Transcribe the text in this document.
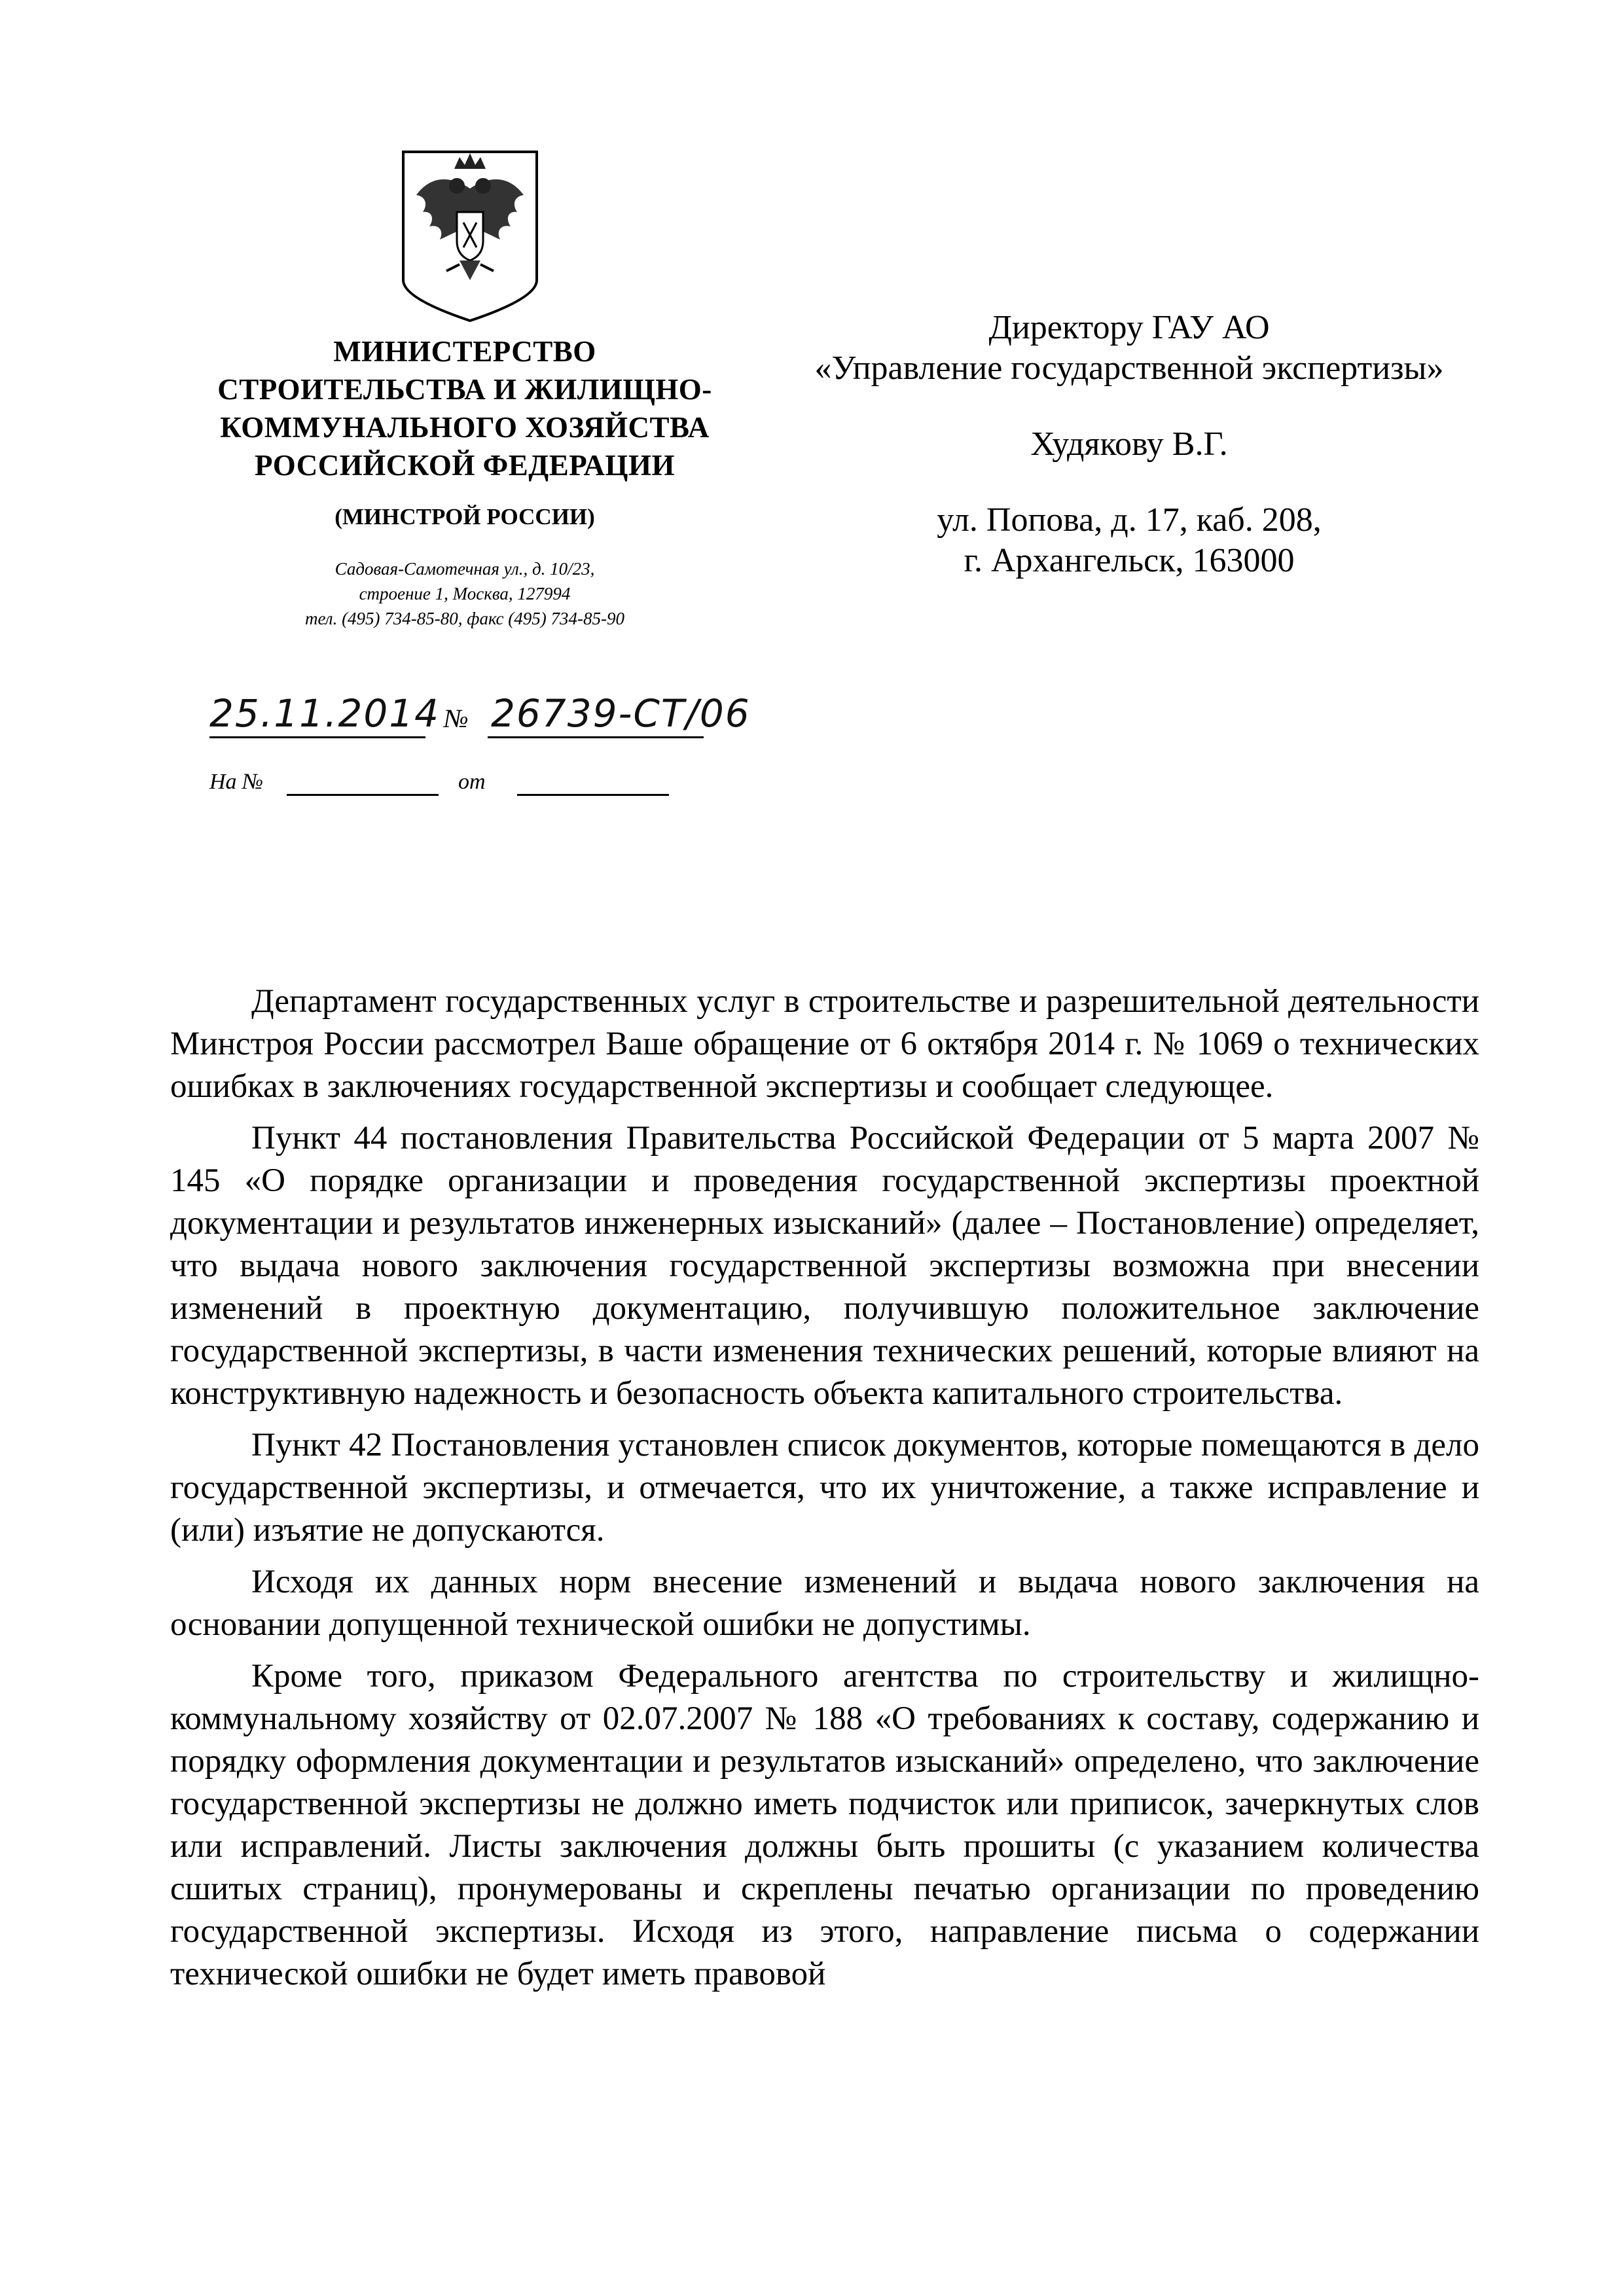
МИНИСТЕРСТВО
СТРОИТЕЛЬСТВА И ЖИЛИЩНО-
КОММУНАЛЬНОГО ХОЗЯЙСТВА
РОССИЙСКОЙ ФЕДЕРАЦИИ
(МИНСТРОЙ РОССИИ)
Садовая-Самотечная ул., д. 10/23,
строение 1, Москва, 127994
тел. (495) 734-85-80, факс (495) 734-85-90
25.11.2014 № 26739-СТ/06
На №	от
Директору ГАУ АО
«Управление государственной экспертизы»
Худякову В.Г.
ул. Попова, д. 17, каб. 208,
г. Архангельск, 163000

Департамент государственных услуг в строительстве и разрешительной деятельности Минстроя России рассмотрел Ваше обращение от 6 октября 2014 г. № 1069 о технических ошибках в заключениях государственной экспертизы и сообщает следующее.

Пункт 44 постановления Правительства Российской Федерации от 5 марта 2007 № 145 «О порядке организации и проведения государственной экспертизы проектной документации и результатов инженерных изысканий» (далее – Постановление) определяет, что выдача нового заключения государственной экспертизы возможна при внесении изменений в проектную документацию, получившую положительное заключение государственной экспертизы, в части изменения технических решений, которые влияют на конструктивную надежность и безопасность объекта капитального строительства.

Пункт 42 Постановления установлен список документов, которые помещаются в дело государственной экспертизы, и отмечается, что их уничтожение, а также исправление и (или) изъятие не допускаются.

Исходя их данных норм внесение изменений и выдача нового заключения на основании допущенной технической ошибки не допустимы.

Кроме того, приказом Федерального агентства по строительству и жилищно-коммунальному хозяйству от 02.07.2007 № 188 «О требованиях к составу, содержанию и порядку оформления документации и результатов изысканий» определено, что заключение государственной экспертизы не должно иметь подчисток или приписок, зачеркнутых слов или исправлений. Листы заключения должны быть прошиты (с указанием количества сшитых страниц), пронумерованы и скреплены печатью организации по проведению государственной экспертизы. Исходя из этого, направление письма о содержании технической ошибки не будет иметь правовой
